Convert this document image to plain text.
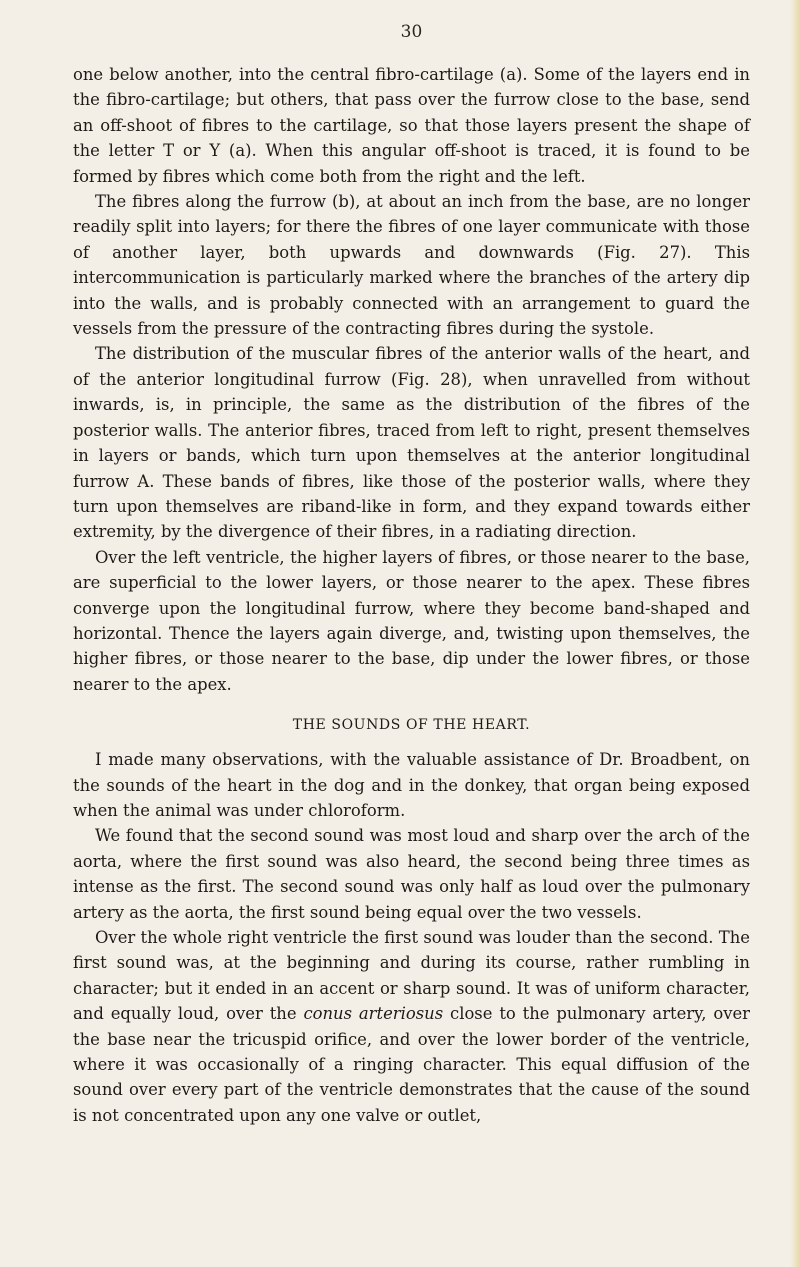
30

one below another, into the central fibro-cartilage (a). Some of the layers end in the fibro-cartilage; but others, that pass over the furrow close to the base, send an off-shoot of fibres to the cartilage, so that those layers present the shape of the letter T or Y (a). When this angular off-shoot is traced, it is found to be formed by fibres which come both from the right and the left.

The fibres along the furrow (b), at about an inch from the base, are no longer readily split into layers; for there the fibres of one layer communicate with those of another layer, both upwards and downwards (Fig. 27). This intercommunication is particularly marked where the branches of the artery dip into the walls, and is probably connected with an arrangement to guard the vessels from the pressure of the contracting fibres during the systole.

The distribution of the muscular fibres of the anterior walls of the heart, and of the anterior longitudinal furrow (Fig. 28), when unravelled from without inwards, is, in principle, the same as the distribution of the fibres of the posterior walls. The anterior fibres, traced from left to right, present themselves in layers or bands, which turn upon themselves at the anterior longitudinal furrow A. These bands of fibres, like those of the posterior walls, where they turn upon themselves are riband-like in form, and they expand towards either extremity, by the divergence of their fibres, in a radiating direction.

Over the left ventricle, the higher layers of fibres, or those nearer to the base, are superficial to the lower layers, or those nearer to the apex. These fibres converge upon the longitudinal furrow, where they become band-shaped and horizontal. Thence the layers again diverge, and, twisting upon themselves, the higher fibres, or those nearer to the base, dip under the lower fibres, or those nearer to the apex.

THE SOUNDS OF THE HEART.

I made many observations, with the valuable assistance of Dr. Broadbent, on the sounds of the heart in the dog and in the donkey, that organ being exposed when the animal was under chloroform.

We found that the second sound was most loud and sharp over the arch of the aorta, where the first sound was also heard, the second being three times as intense as the first. The second sound was only half as loud over the pulmonary artery as the aorta, the first sound being equal over the two vessels.

Over the whole right ventricle the first sound was louder than the second. The first sound was, at the beginning and during its course, rather rumbling in character; but it ended in an accent or sharp sound. It was of uniform character, and equally loud, over the conus arteriosus close to the pulmonary artery, over the base near the tricuspid orifice, and over the lower border of the ventricle, where it was occasionally of a ringing character. This equal diffusion of the sound over every part of the ventricle demonstrates that the cause of the sound is not concentrated upon any one valve or outlet,
